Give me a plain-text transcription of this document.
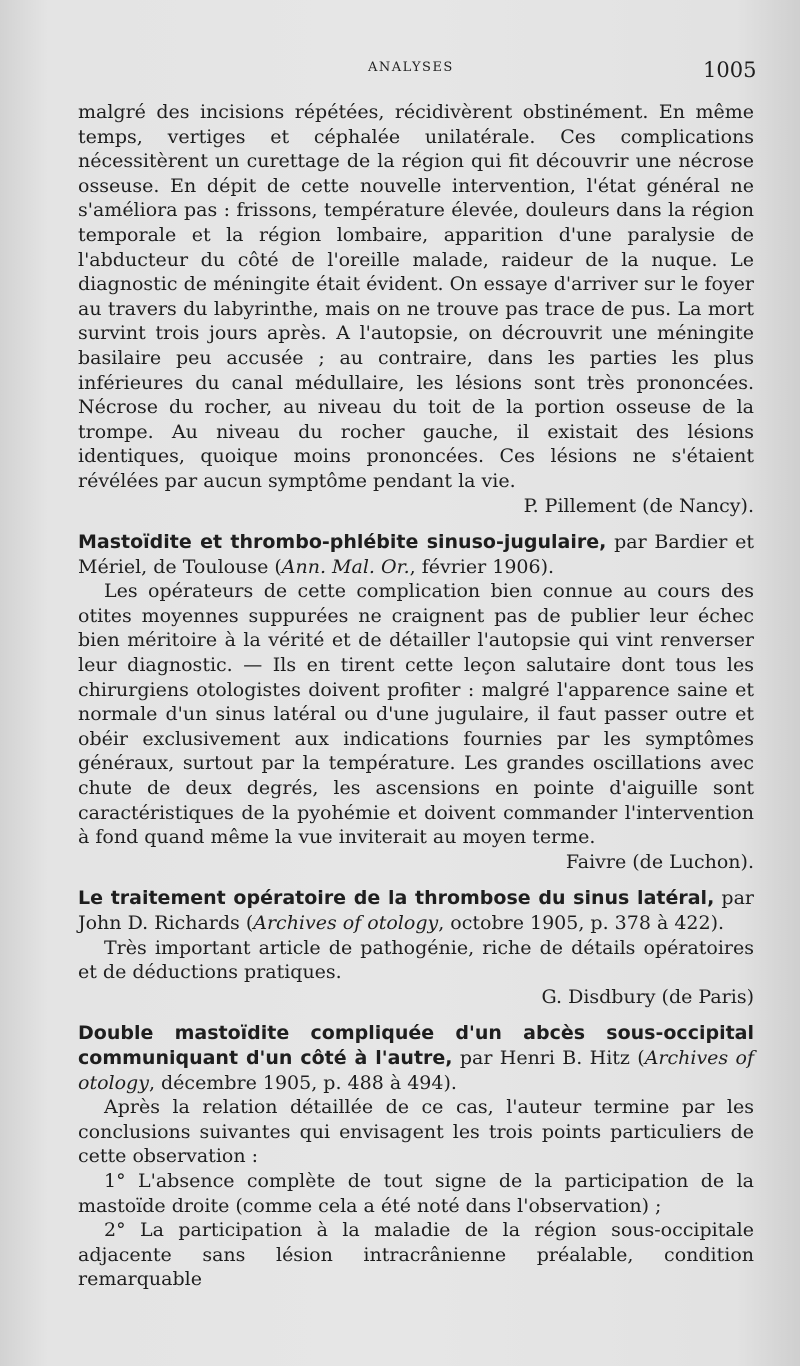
ANALYSES	1005

malgré des incisions répétées, récidivèrent obstinément. En même temps, vertiges et céphalée unilatérale. Ces complications nécessitèrent un curettage de la région qui fit découvrir une nécrose osseuse. En dépit de cette nouvelle intervention, l'état général ne s'améliora pas : frissons, température élevée, douleurs dans la région temporale et la région lombaire, apparition d'une paralysie de l'abducteur du côté de l'oreille malade, raideur de la nuque. Le diagnostic de méningite était évident. On essaye d'arriver sur le foyer au travers du labyrinthe, mais on ne trouve pas trace de pus. La mort survint trois jours après. A l'autopsie, on décrouvrit une méningite basilaire peu accusée ; au contraire, dans les parties les plus inférieures du canal médullaire, les lésions sont très prononcées. Nécrose du rocher, au niveau du toit de la portion osseuse de la trompe. Au niveau du rocher gauche, il existait des lésions identiques, quoique moins prononcées. Ces lésions ne s'étaient révélées par aucun symptôme pendant la vie.

P. Pillement (de Nancy).

Mastoïdite et thrombo-phlébite sinuso-jugulaire, par Bardier et Mériel, de Toulouse (Ann. Mal. Or., février 1906).

Les opérateurs de cette complication bien connue au cours des otites moyennes suppurées ne craignent pas de publier leur échec bien méritoire à la vérité et de détailler l'autopsie qui vint renverser leur diagnostic. — Ils en tirent cette leçon salutaire dont tous les chirurgiens otologistes doivent profiter : malgré l'apparence saine et normale d'un sinus latéral ou d'une jugulaire, il faut passer outre et obéir exclusivement aux indications fournies par les symptômes généraux, surtout par la température. Les grandes oscillations avec chute de deux degrés, les ascensions en pointe d'aiguille sont caractéristiques de la pyohémie et doivent commander l'intervention à fond quand même la vue inviterait au moyen terme.

Faivre (de Luchon).

Le traitement opératoire de la thrombose du sinus latéral, par John D. Richards (Archives of otology, octobre 1905, p. 378 à 422).

Très important article de pathogénie, riche de détails opératoires et de déductions pratiques.

G. Disdbury (de Paris)

Double mastoïdite compliquée d'un abcès sous-occipital communiquant d'un côté à l'autre, par Henri B. Hitz (Archives of otology, décembre 1905, p. 488 à 494).

Après la relation détaillée de ce cas, l'auteur termine par les conclusions suivantes qui envisagent les trois points particuliers de cette observation :

1° L'absence complète de tout signe de la participation de la mastoïde droite (comme cela a été noté dans l'observation) ;

2° La participation à la maladie de la région sous-occipitale adjacente sans lésion intracrânienne préalable, condition remarquable
